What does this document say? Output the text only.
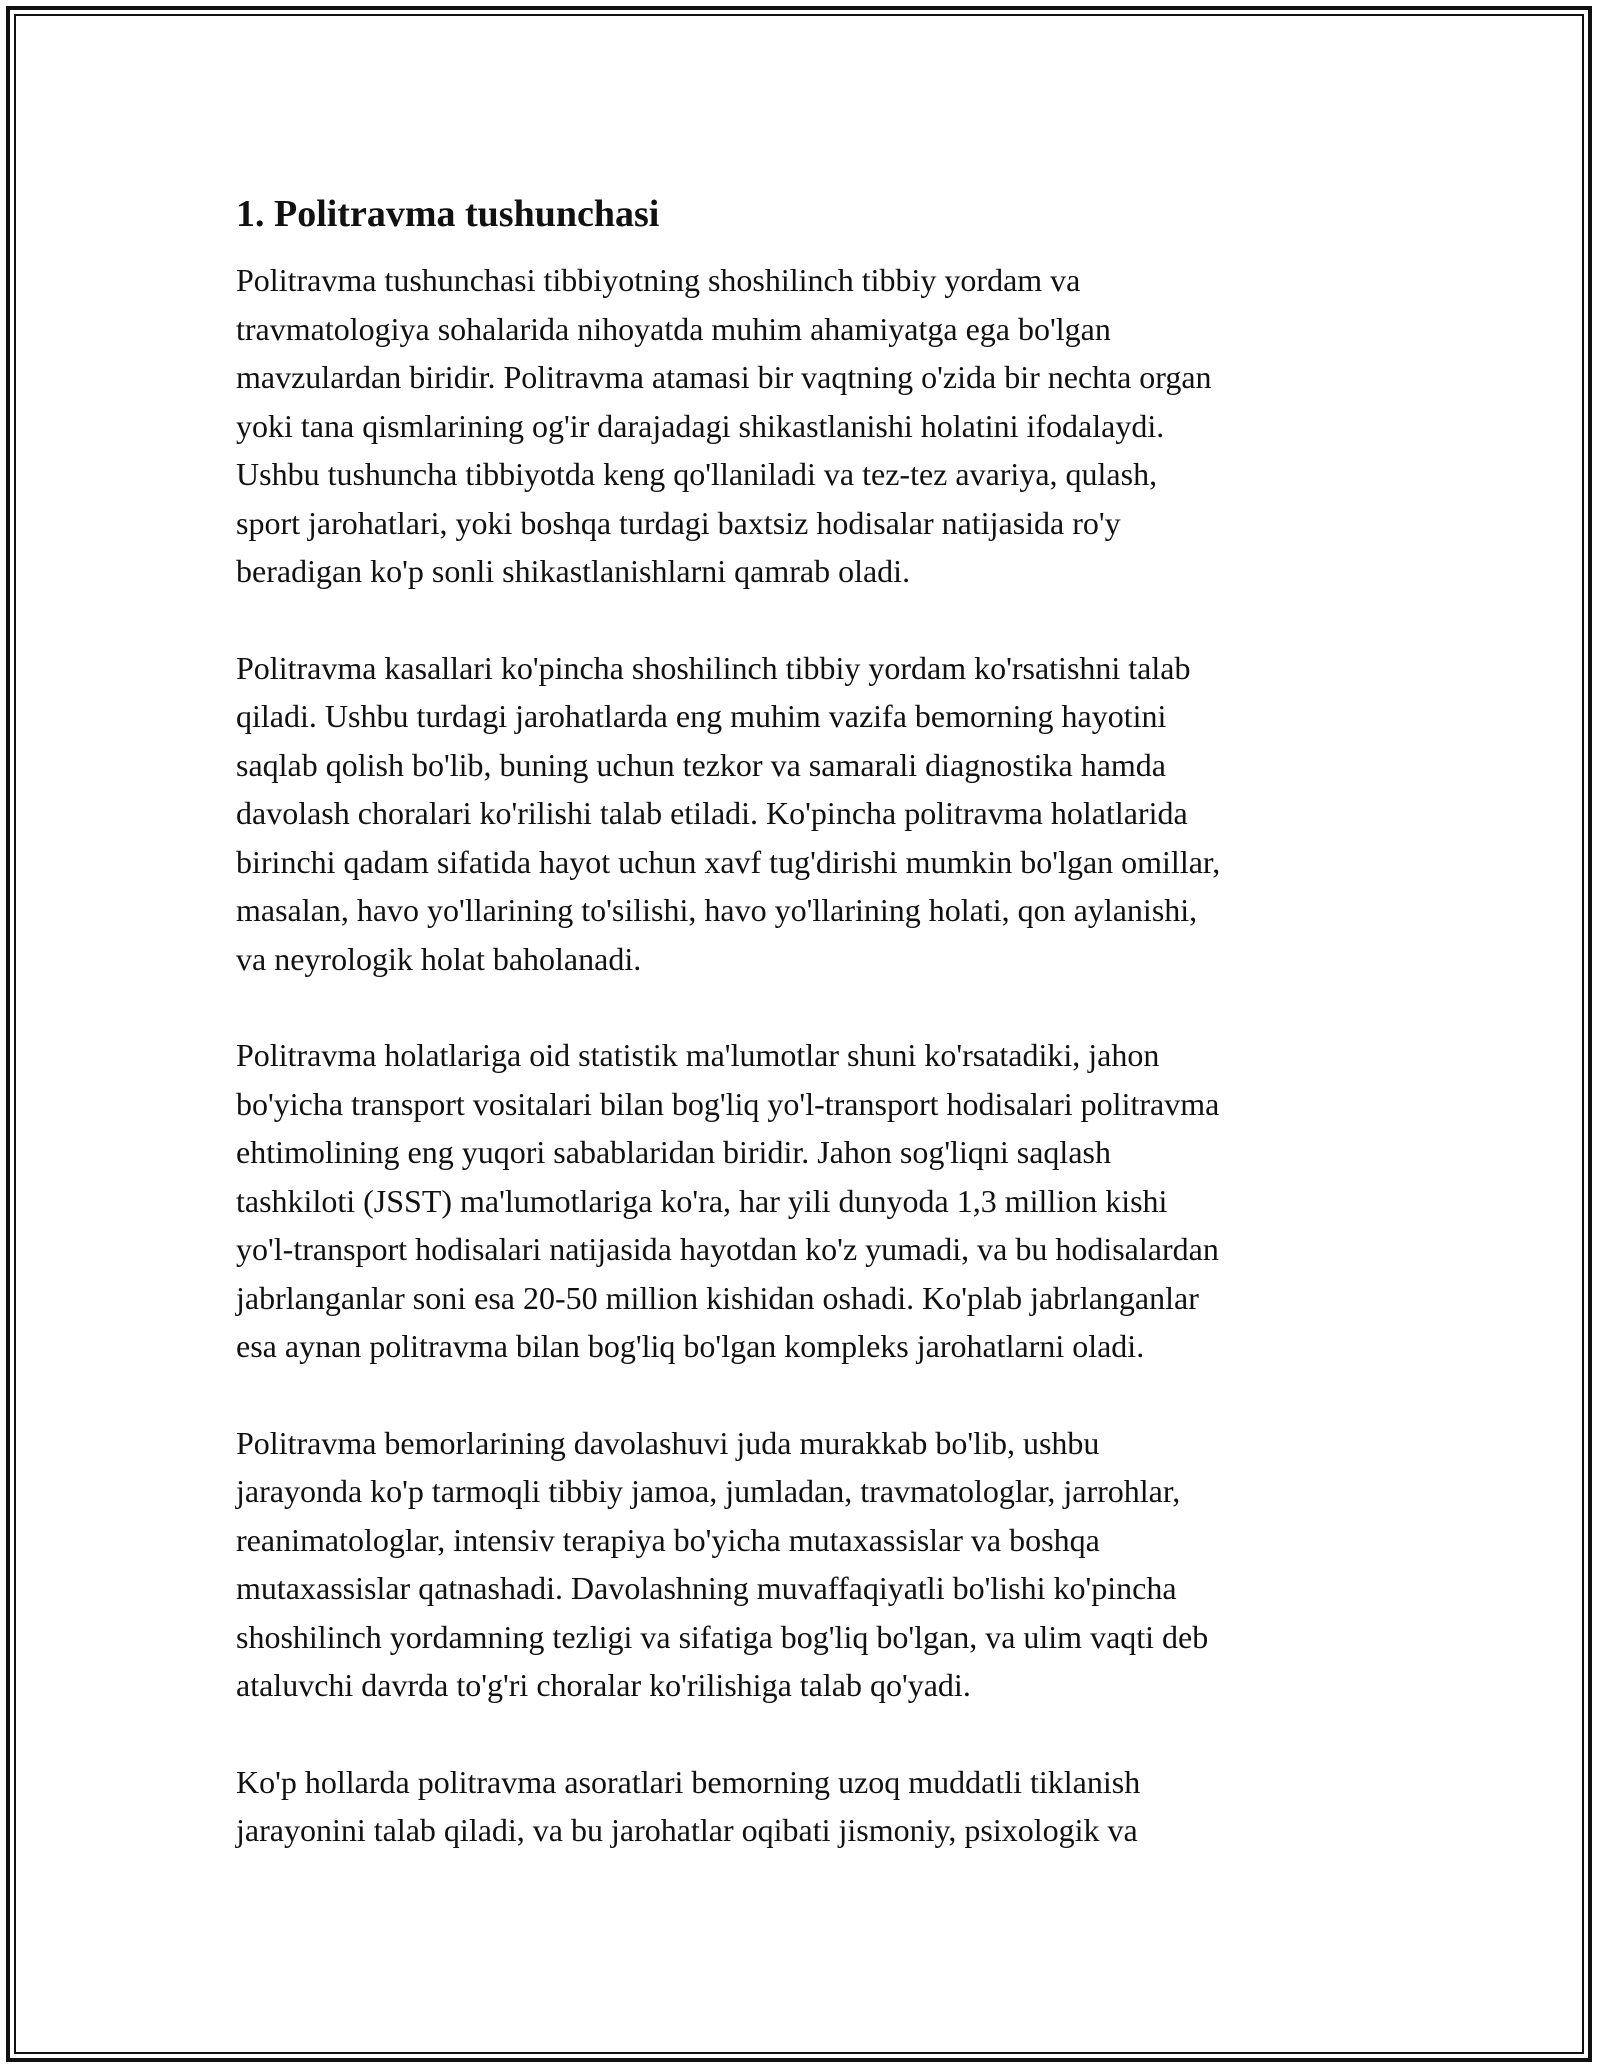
1. Politravma tushunchasi

Politravma tushunchasi tibbiyotning shoshilinch tibbiy yordam va
travmatologiya sohalarida nihoyatda muhim ahamiyatga ega bo'lgan
mavzulardan biridir. Politravma atamasi bir vaqtning o'zida bir nechta organ
yoki tana qismlarining og'ir darajadagi shikastlanishi holatini ifodalaydi.
Ushbu tushuncha tibbiyotda keng qo'llaniladi va tez-tez avariya, qulash,
sport jarohatlari, yoki boshqa turdagi baxtsiz hodisalar natijasida ro'y
beradigan ko'p sonli shikastlanishlarni qamrab oladi.

Politravma kasallari ko'pincha shoshilinch tibbiy yordam ko'rsatishni talab
qiladi. Ushbu turdagi jarohatlarda eng muhim vazifa bemorning hayotini
saqlab qolish bo'lib, buning uchun tezkor va samarali diagnostika hamda
davolash choralari ko'rilishi talab etiladi. Ko'pincha politravma holatlarida
birinchi qadam sifatida hayot uchun xavf tug'dirishi mumkin bo'lgan omillar,
masalan, havo yo'llarining to'silishi, havo yo'llarining holati, qon aylanishi,
va neyrologik holat baholanadi.

Politravma holatlariga oid statistik ma'lumotlar shuni ko'rsatadiki, jahon
bo'yicha transport vositalari bilan bog'liq yo'l-transport hodisalari politravma
ehtimolining eng yuqori sabablaridan biridir. Jahon sog'liqni saqlash
tashkiloti (JSST) ma'lumotlariga ko'ra, har yili dunyoda 1,3 million kishi
yo'l-transport hodisalari natijasida hayotdan ko'z yumadi, va bu hodisalardan
jabrlanganlar soni esa 20-50 million kishidan oshadi. Ko'plab jabrlanganlar
esa aynan politravma bilan bog'liq bo'lgan kompleks jarohatlarni oladi.

Politravma bemorlarining davolashuvi juda murakkab bo'lib, ushbu
jarayonda ko'p tarmoqli tibbiy jamoa, jumladan, travmatologlar, jarrohlar,
reanimatologlar, intensiv terapiya bo'yicha mutaxassislar va boshqa
mutaxassislar qatnashadi. Davolashning muvaffaqiyatli bo'lishi ko'pincha
shoshilinch yordamning tezligi va sifatiga bog'liq bo'lgan, va ulim vaqti deb
ataluvchi davrda to'g'ri choralar ko'rilishiga talab qo'yadi.

Ko'p hollarda politravma asoratlari bemorning uzoq muddatli tiklanish
jarayonini talab qiladi, va bu jarohatlar oqibati jismoniy, psixologik va
